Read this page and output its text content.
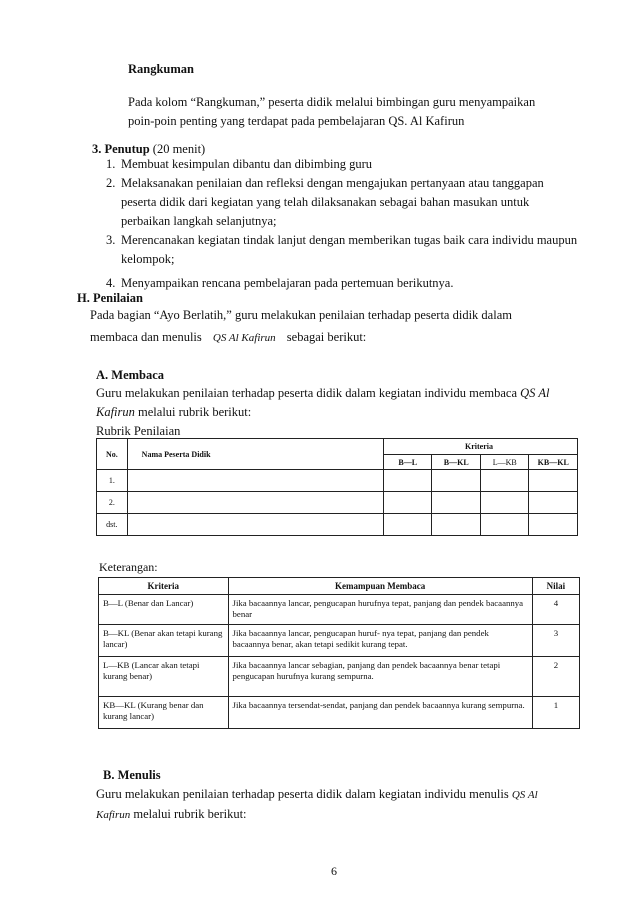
Rangkuman
Pada kolom “Rangkuman,” peserta didik melalui bimbingan guru menyampaikan
poin-poin penting yang terdapat pada pembelajaran QS. Al Kafirun
3. Penutup (20 menit)
1. Membuat kesimpulan dibantu dan dibimbing guru
2. Melaksanakan penilaian dan refleksi dengan mengajukan pertanyaan atau tanggapan
peserta didik dari kegiatan yang telah dilaksanakan sebagai bahan masukan untuk
perbaikan langkah selanjutnya;
3. Merencanakan kegiatan tindak lanjut dengan memberikan tugas baik cara individu maupun
kelompok;
4. Menyampaikan rencana pembelajaran pada pertemuan berikutnya.
H. Penilaian
Pada bagian “Ayo Berlatih,” guru melakukan penilaian terhadap peserta didik dalam
membaca dan menulis QS Al Kafirun sebagai berikut:
A. Membaca
Guru melakukan penilaian terhadap peserta didik dalam kegiatan individu membaca QS Al
Kafirun melalui rubrik berikut:
Rubrik Penilaian
No.	Nama Peserta Didik	Kriteria			
		B—L	B—KL	L—KB	KB—KL
1.					
2.					
dst.					
Keterangan:
Kriteria	Kemampuan Membaca	Nilai
B—L (Benar dan Lancar)	Jika bacaannya lancar, pengucapan hurufnya tepat, panjang dan pendek bacaannya benar	4
B—KL (Benar akan tetapi kurang lancar)	Jika bacaannya lancar, pengucapan huruf- nya tepat, panjang dan pendek bacaannya benar, akan tetapi sedikit kurang tepat.	3
L—KB (Lancar akan tetapi kurang benar)	Jika bacaannya lancar sebagian, panjang dan pendek bacaannya benar tetapi pengucapan hurufnya kurang sempurna.	2
KB—KL (Kurang benar dan kurang lancar)	Jika bacaannya tersendat-sendat, panjang dan pendek bacaannya kurang sempurna.	1
B. Menulis
Guru melakukan penilaian terhadap peserta didik dalam kegiatan individu menulis QS Al
Kafirun melalui rubrik berikut:
6
